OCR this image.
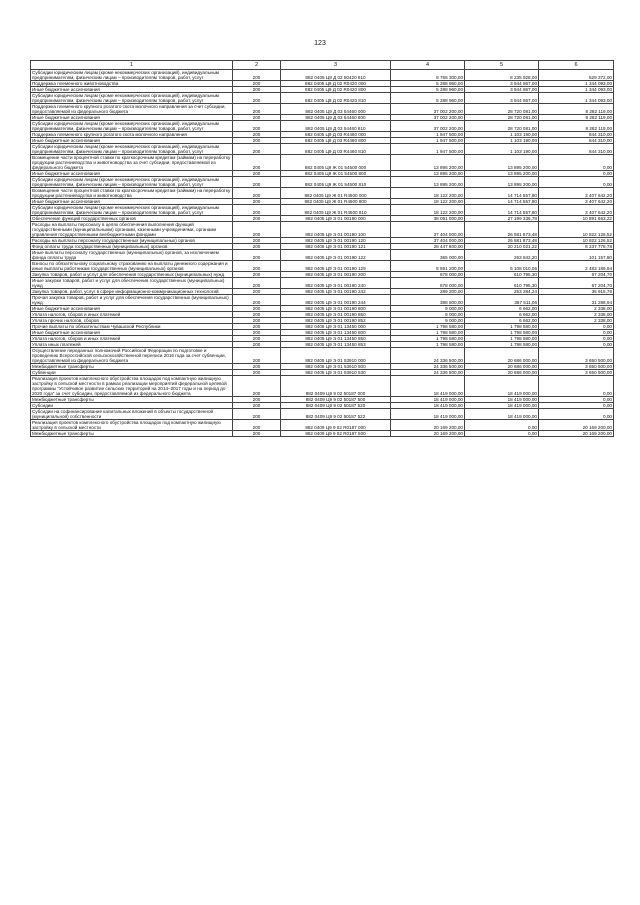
123
1	2	3	4	5	6
Субсидии юридическим лицам (кроме некоммерческих организаций), индивидуальным предпринимателям, физическим лицам – производителям товаров, работ, услуг	200	882 0405 Ц9 Д 02 50420 810	8 765 300,00	8 235 928,00	529 372,00
Поддержка племенного животноводства	200	882 0405 Ц9 Д 02 R0420 000	5 288 960,00	3 944 867,00	1 344 093,00
Иные бюджетные ассигнования	200	882 0405 Ц9 Д 02 R0420 800	5 288 960,00	3 944 867,00	1 344 093,00
Субсидии юридическим лицам (кроме некоммерческих организаций), индивидуальным предпринимателям, физическим лицам – производителям товаров, работ, услуг	200	882 0405 Ц9 Д 02 R0420 810	5 288 960,00	3 944 867,00	1 344 093,00
Поддержка племенного крупного рогатого скота молочного направления за счет субсидии, предоставляемой из федерального бюджета	200	882 0405 Ц9 Д 03 54460 000	37 002 200,00	28 720 081,00	8 282 119,00
Иные бюджетные ассигнования	200	882 0405 Ц9 Д 03 54460 800	37 002 200,00	28 720 081,00	8 282 119,00
Субсидии юридическим лицам (кроме некоммерческих организаций), индивидуальным предпринимателям, физическим лицам – производителям товаров, работ, услуг	200	882 0405 Ц9 Д 03 54460 810	37 002 200,00	28 720 081,00	8 282 119,00
Поддержка племенного крупного рогатого скота молочного направления	200	882 0405 Ц9 Д 03 R4460 000	1 947 500,00	1 103 190,00	844 310,00
Иные бюджетные ассигнования	200	882 0405 Ц9 Д 03 R4460 800	1 947 500,00	1 103 190,00	844 310,00
Субсидии юридическим лицам (кроме некоммерческих организаций), индивидуальным предпринимателям, физическим лицам – производителям товаров, работ, услуг	200	882 0405 Ц9 Д 03 R4460 810	1 947 500,00	1 103 190,00	844 310,00
Возмещение части процентной ставки по краткосрочным кредитам (займам) на переработку продукции растениеводства и животноводства за счет субсидии, предоставляемой из федерального бюджета	200	882 0405 Ц9 Ж 01 54500 000	13 895 200,00	13 895 200,00	0,00
Иные бюджетные ассигнования	200	882 0405 Ц9 Ж 01 54500 800	13 895 200,00	13 895 200,00	0,00
Субсидии юридическим лицам (кроме некоммерческих организаций), индивидуальным предпринимателям, физическим лицам – производителям товаров, работ, услуг	200	882 0405 Ц9 Ж 01 54500 810	13 895 200,00	13 895 200,00	0,00
Возмещение части процентной ставки по краткосрочным кредитам (займам) на переработку продукции растениеводства и животноводства	200	882 0405 Ц9 Ж 01 R4500 000	18 122 200,00	14 714 557,80	3 407 642,20
Иные бюджетные ассигнования	200	882 0405 Ц9 Ж 01 R4500 800	18 122 200,00	14 714 557,80	3 407 642,20
Субсидии юридическим лицам (кроме некоммерческих организаций), индивидуальным предпринимателям, физическим лицам – производителям товаров, работ, услуг	200	882 0405 Ц9 Ж 01 R4500 810	18 122 200,00	14 714 557,80	3 407 642,20
Обеспечение функций государственных органов	200	882 0405 Ц9 Э 01 00190 000	38 091 000,00	27 199 336,78	10 891 663,22
Расходы на выплаты персоналу в целях обеспечения выполнения функций государственными (муниципальными) органами, казенными учреждениями, органами управления государственными внебюджетными фондами	200	882 0405 Ц9 Э 01 00190 100	37 404 000,00	26 581 873,48	10 822 126,52
Расходы на выплаты персоналу государственных (муниципальных) органов	200	882 0405 Ц9 Э 01 00190 120	37 404 000,00	26 581 873,48	10 822 126,52
Фонд оплаты труда государственных (муниципальных) органов	200	882 0405 Ц9 Э 01 00190 121	28 447 800,00	20 210 021,22	8 237 778,78
Иные выплаты персоналу государственных (муниципальных) органов, за исключением фонда оплаты труда	200	882 0405 Ц9 Э 01 00190 122	365 000,00	263 842,20	101 157,80
Взносы по обязательному социальному страхованию на выплаты денежного содержания и иные выплаты работникам государственных (муниципальных) органов	200	882 0405 Ц9 Э 01 00190 129	8 591 200,00	6 108 010,06	2 483 189,94
Закупка товаров, работ и услуг для обеспечения государственных (муниципальных) нужд	200	882 0405 Ц9 Э 01 00190 200	678 000,00	610 795,30	67 204,70
Иные закупки товаров, работ и услуг для обеспечения государственных (муниципальных) нужд	200	882 0405 Ц9 Э 01 00190 240	678 000,00	610 795,30	67 204,70
Закупка товаров, работ, услуг в сфере информационно-коммуникационных технологий	200	882 0405 Ц9 Э 01 00190 242	289 200,00	253 284,24	35 915,76
Прочая закупка товаров, работ и услуг для обеспечения государственных (муниципальных) нужд	200	882 0405 Ц9 Э 01 00190 244	388 800,00	357 511,06	31 288,94
Иные бюджетные ассигнования	200	882 0405 Ц9 Э 01 00190 800	9 000,00	6 662,00	2 338,00
Уплата налогов, сборов и иных платежей	200	882 0405 Ц9 Э 01 00190 850	9 000,00	6 662,00	2 338,00
Уплата прочих налогов, сборов	200	882 0405 Ц9 Э 01 00190 852	9 000,00	6 662,00	2 338,00
Прочие выплаты по обязательствам Чувашской Республики	200	882 0405 Ц9 Э 01 13450 000	1 798 580,00	1 798 580,00	0,00
Иные бюджетные ассигнования	200	882 0405 Ц9 Э 01 13450 800	1 798 580,00	1 798 580,00	0,00
Уплата налогов, сборов и иных платежей	200	882 0405 Ц9 Э 01 13450 850	1 798 580,00	1 798 580,00	0,00
Уплата иных платежей	200	882 0405 Ц9 Э 01 13450 853	1 798 580,00	1 798 580,00	0,00
Осуществление переданных полномочий Российской Федерации по подготовке и проведению Всероссийской сельскохозяйственной переписи 2016 года за счет субвенции, предоставляемой из федерального бюджета	200	882 0405 Ц9 Э 01 53910 000	24 336 500,00	20 686 000,00	3 650 500,00
Межбюджетные трансферты	200	882 0405 Ц9 Э 01 53910 500	24 336 500,00	20 686 000,00	3 650 500,00
Субвенции	200	882 0405 Ц9 Э 01 53910 530	24 336 500,00	20 686 000,00	3 650 500,00
Реализация проектов комплексного обустройства площадок под компактную жилищную застройку в сельской местности в рамках реализации мероприятий федеральной целевой программы "Устойчивое развитие сельских территорий на 2014–2017 годы и на период до 2020 года" за счет субсидии, предоставляемой из федерального бюджета	200	882 0409 Ц9 9 02 50187 000	18 419 000,00	18 419 000,00	0,00
Межбюджетные трансферты	200	882 0409 Ц9 9 02 50187 500	18 419 000,00	18 419 000,00	0,00
Субсидии	200	882 0409 Ц9 9 02 50187 520	18 419 000,00	18 419 000,00	0,00
Субсидии на софинансирование капитальных вложений в объекты государственной (муниципальной) собственности	200	882 0409 Ц9 9 02 50187 522	18 419 000,00	18 419 000,00	0,00
Реализация проектов комплексного обустройства площадок под компактную жилищную застройку в сельской местности	200	882 0409 Ц9 9 02 R0187 000	20 169 200,00	0,00	20 169 200,00
Межбюджетные трансферты	200	882 0409 Ц9 9 02 R0187 500	20 169 200,00	0,00	20 169 200,00
